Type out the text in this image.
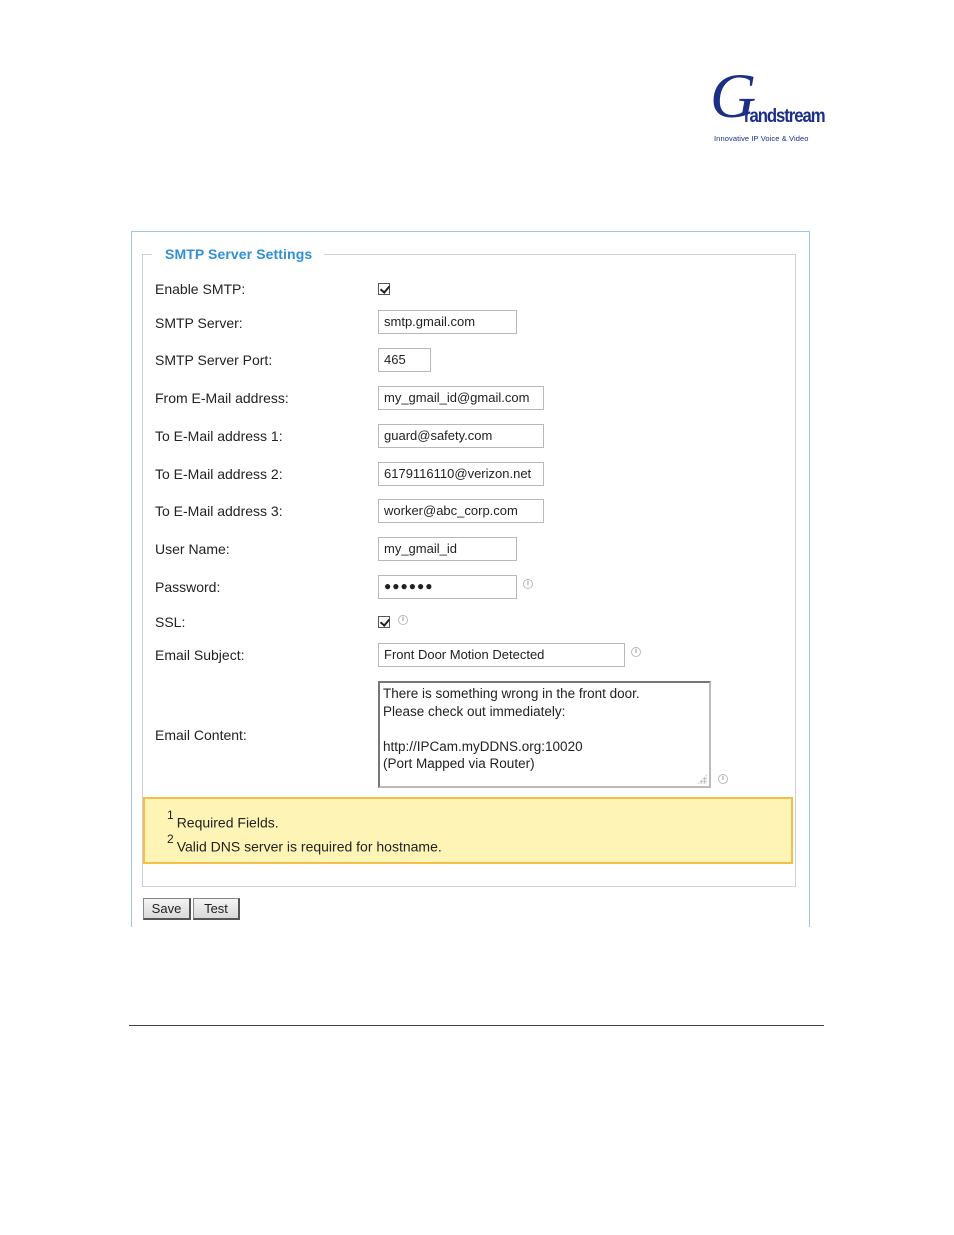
G
randstream
Innovative IP Voice & Video
SMTP Server Settings
Enable SMTP:
SMTP Server:	smtp.gmail.com
SMTP Server Port:	465
From E-Mail address:	my_gmail_id@gmail.com
To E-Mail address 1:	guard@safety.com
To E-Mail address 2:	6179116110@verizon.net
To E-Mail address 3:	worker@abc_corp.com
User Name:	my_gmail_id
Password:	●●●●●●	i
SSL:	i
Email Subject:	Front Door Motion Detected	i
Email Content:
There is something wrong in the front door.
Please check out immediately:
http://IPCam.myDDNS.org:10020
(Port Mapped via Router)
i
$^1$ Required Fields.
$^2$ Valid DNS server is required for hostname.
Save	Test
